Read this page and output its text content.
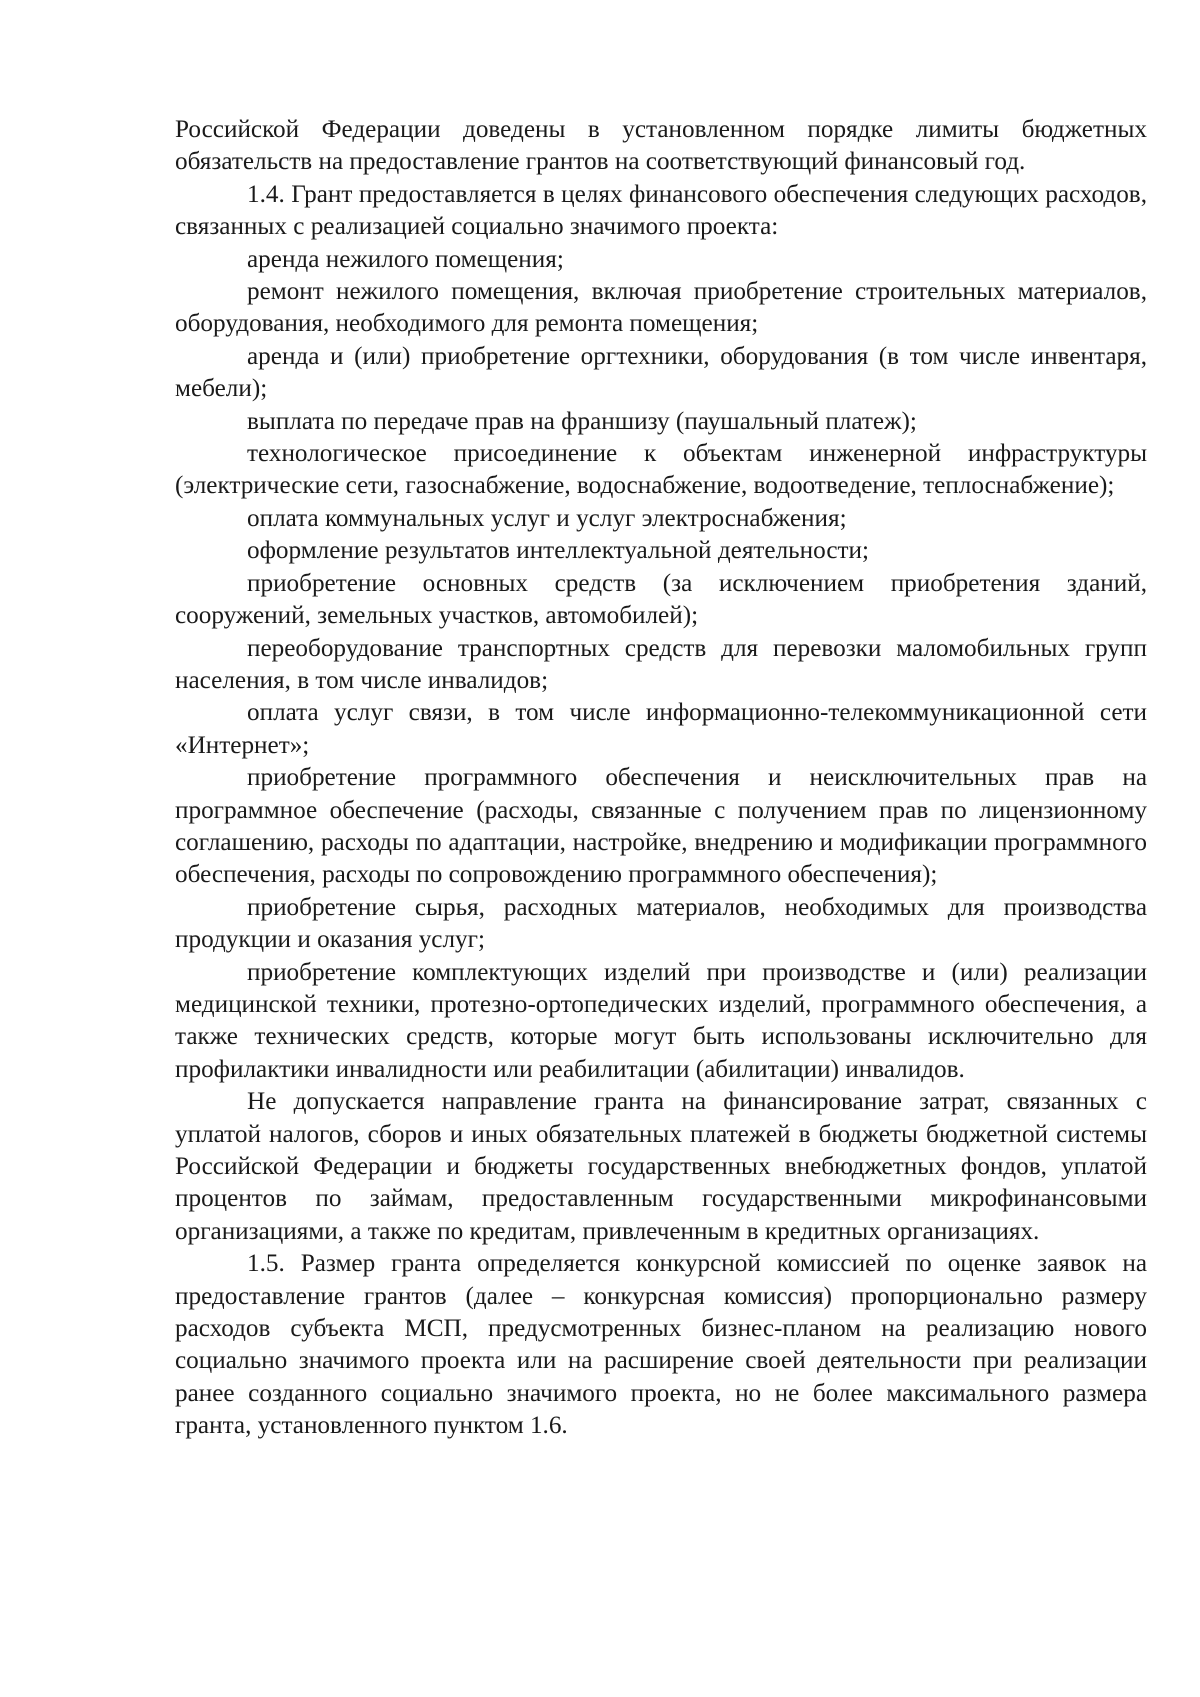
Российской Федерации доведены в установленном порядке лимиты бюджетных обязательств на предоставление грантов на соответствующий финансовый год.

1.4. Грант предоставляется в целях финансового обеспечения следующих расходов, связанных с реализацией социально значимого проекта:

аренда нежилого помещения;

ремонт нежилого помещения, включая приобретение строительных материалов, оборудования, необходимого для ремонта помещения;

аренда и (или) приобретение оргтехники, оборудования (в том числе инвентаря, мебели);

выплата по передаче прав на франшизу (паушальный платеж);

технологическое присоединение к объектам инженерной инфраструктуры (электрические сети, газоснабжение, водоснабжение, водоотведение, теплоснабжение);

оплата коммунальных услуг и услуг электроснабжения;

оформление результатов интеллектуальной деятельности;

приобретение основных средств (за исключением приобретения зданий, сооружений, земельных участков, автомобилей);

переоборудование транспортных средств для перевозки маломобильных групп населения, в том числе инвалидов;

оплата услуг связи, в том числе информационно-телекоммуникационной сети «Интернет»;

приобретение программного обеспечения и неисключительных прав на программное обеспечение (расходы, связанные с получением прав по лицензионному соглашению, расходы по адаптации, настройке, внедрению и модификации программного обеспечения, расходы по сопровождению программного обеспечения);

приобретение сырья, расходных материалов, необходимых для производства продукции и оказания услуг;

приобретение комплектующих изделий при производстве и (или) реализации медицинской техники, протезно-ортопедических изделий, программного обеспечения, а также технических средств, которые могут быть использованы исключительно для профилактики инвалидности или реабилитации (абилитации) инвалидов.

Не допускается направление гранта на финансирование затрат, связанных с уплатой налогов, сборов и иных обязательных платежей в бюджеты бюджетной системы Российской Федерации и бюджеты государственных внебюджетных фондов, уплатой процентов по займам, предоставленным государственными микрофинансовыми организациями, а также по кредитам, привлеченным в кредитных организациях.

1.5. Размер гранта определяется конкурсной комиссией по оценке заявок на предоставление грантов (далее – конкурсная комиссия) пропорционально размеру расходов субъекта МСП, предусмотренных бизнес-планом на реализацию нового социально значимого проекта или на расширение своей деятельности при реализации ранее созданного социально значимого проекта, но не более максимального размера гранта, установленного пунктом 1.6.
